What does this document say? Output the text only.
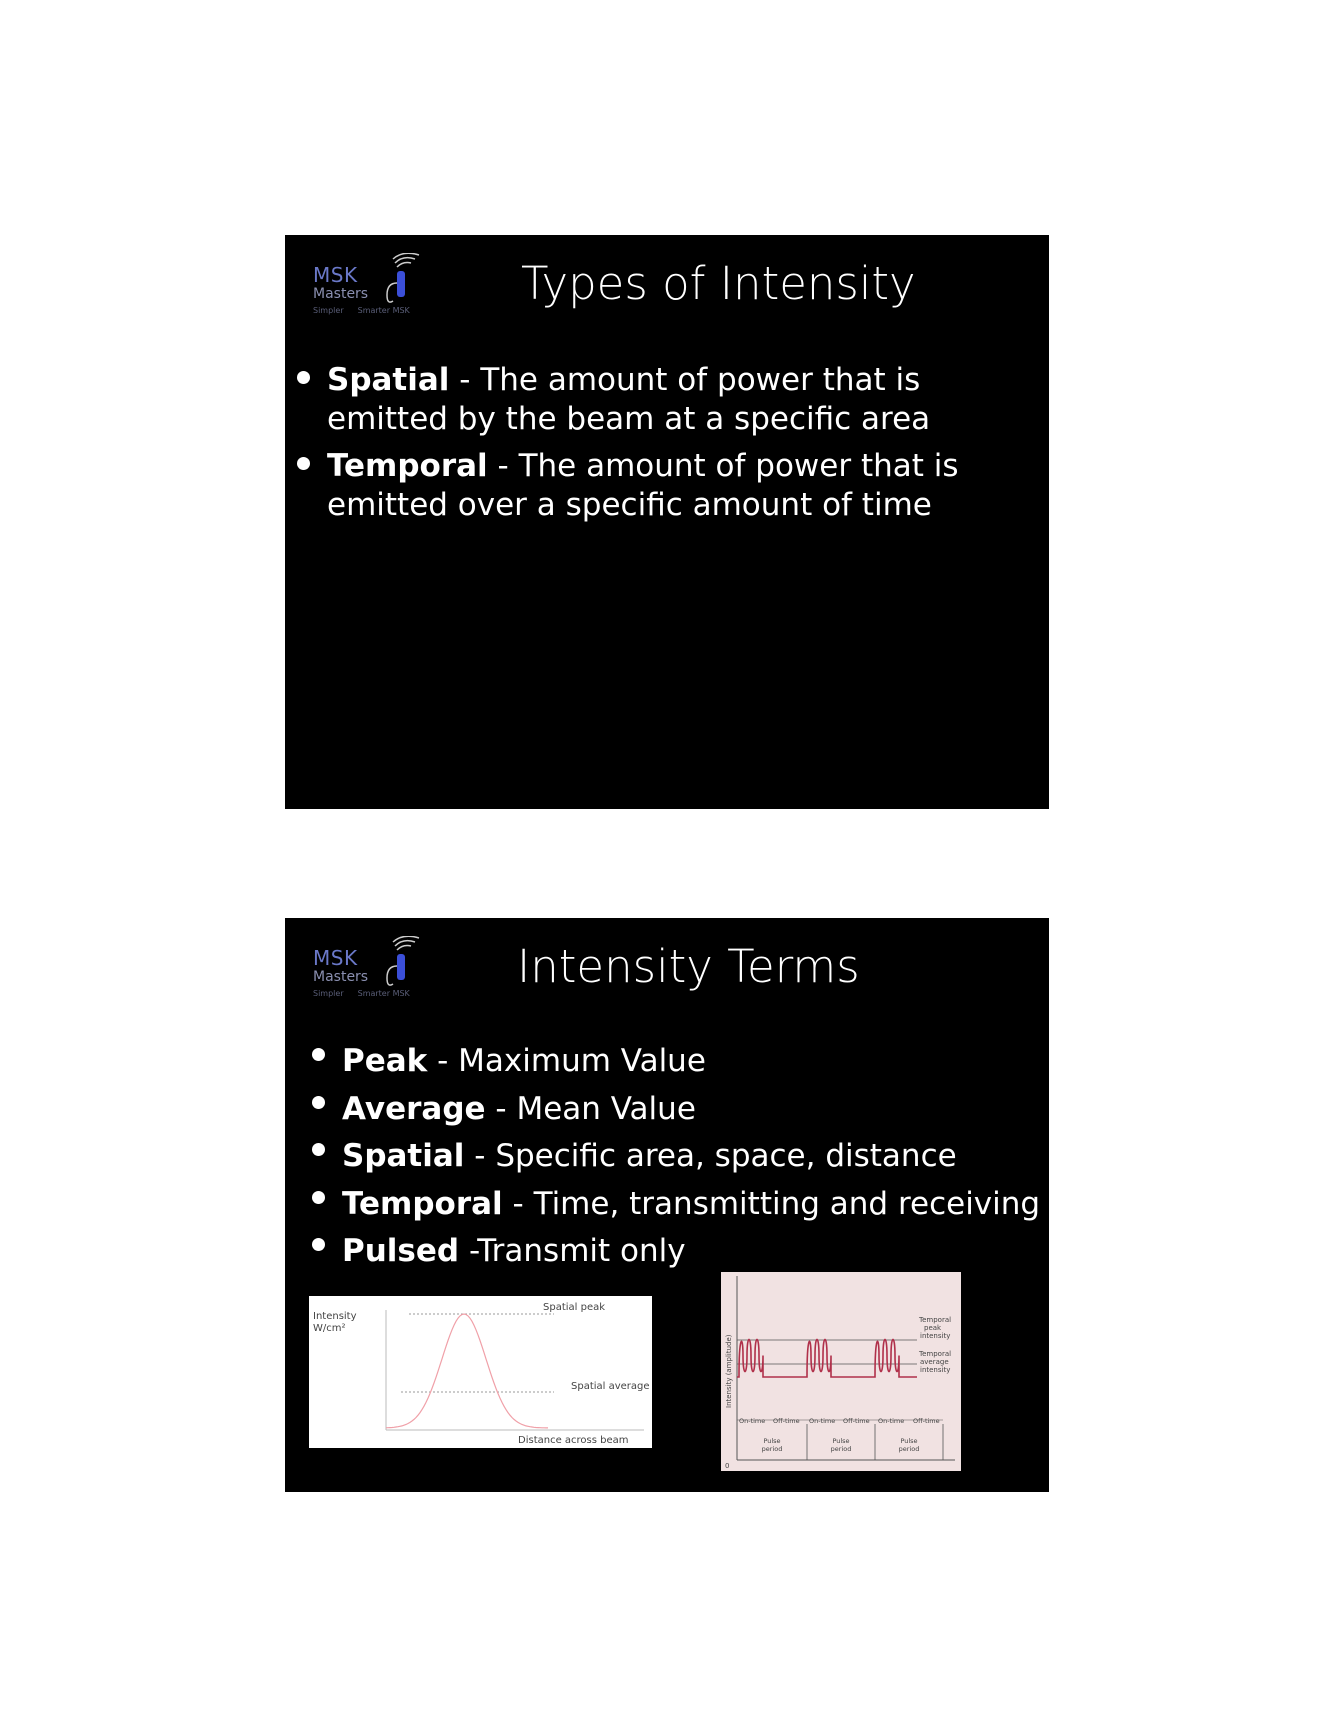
MSK
Masters
Simpler Smarter MSK
Types of Intensity
Spatial - The amount of power that is emitted by the beam at a specific area
Temporal - The amount of power that is emitted over a specific amount of time
MSK
Masters
Simpler Smarter MSK
Intensity Terms
Peak - Maximum Value
Average - Mean Value
Spatial - Specific area, space, distance
Temporal - Time, transmitting and receiving
Pulsed -Transmit only
Intensity
W/cm²
Spatial peak
Spatial average
Distance across beam
0
Intensity (amplitude)
Temporal
peak
intensity
Temporal
average
intensity
On-time Off-time On-time Off-time On-time Off-time
Pulse
period
Pulse
period
Pulse
period
